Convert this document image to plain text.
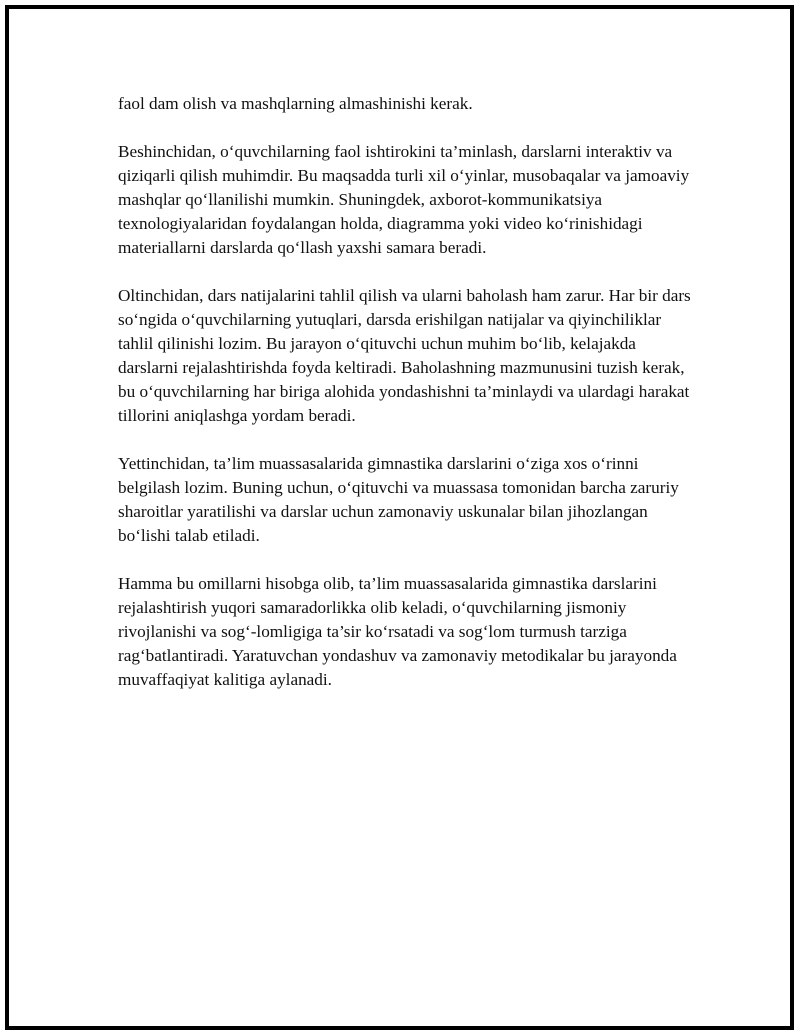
faol dam olish va mashqlarning almashinishi kerak.

Beshinchidan, o‘quvchilarning faol ishtirokini ta’minlash, darslarni interaktiv va qiziqarli qilish muhimdir. Bu maqsadda turli xil o‘yinlar, musobaqalar va jamoaviy mashqlar qo‘llanilishi mumkin. Shuningdek, axborot-kommunikatsiya texnologiyalaridan foydalangan holda, diagramma yoki video ko‘rinishidagi materiallarni darslarda qo‘llash yaxshi samara beradi.

Oltinchidan, dars natijalarini tahlil qilish va ularni baholash ham zarur. Har bir dars so‘ngida o‘quvchilarning yutuqlari, darsda erishilgan natijalar va qiyinchiliklar tahlil qilinishi lozim. Bu jarayon o‘qituvchi uchun muhim bo‘lib, kelajakda darslarni rejalashtirishda foyda keltiradi. Baholashning mazmunusini tuzish kerak, bu o‘quvchilarning har biriga alohida yondashishni ta’minlaydi va ulardagi harakat tillorini aniqlashga yordam beradi.

Yettinchidan, ta’lim muassasalarida gimnastika darslarini o‘ziga xos o‘rinni belgilash lozim. Buning uchun, o‘qituvchi va muassasa tomonidan barcha zaruriy sharoitlar yaratilishi va darslar uchun zamonaviy uskunalar bilan jihozlangan bo‘lishi talab etiladi.

Hamma bu omillarni hisobga olib, ta’lim muassasalarida gimnastika darslarini rejalashtirish yuqori samaradorlikka olib keladi, o‘quvchilarning jismoniy rivojlanishi va sog‘-lomligiga ta’sir ko‘rsatadi va sog‘lom turmush tarziga rag‘batlantiradi. Yaratuvchan yondashuv va zamonaviy metodikalar bu jarayonda muvaffaqiyat kalitiga aylanadi.
